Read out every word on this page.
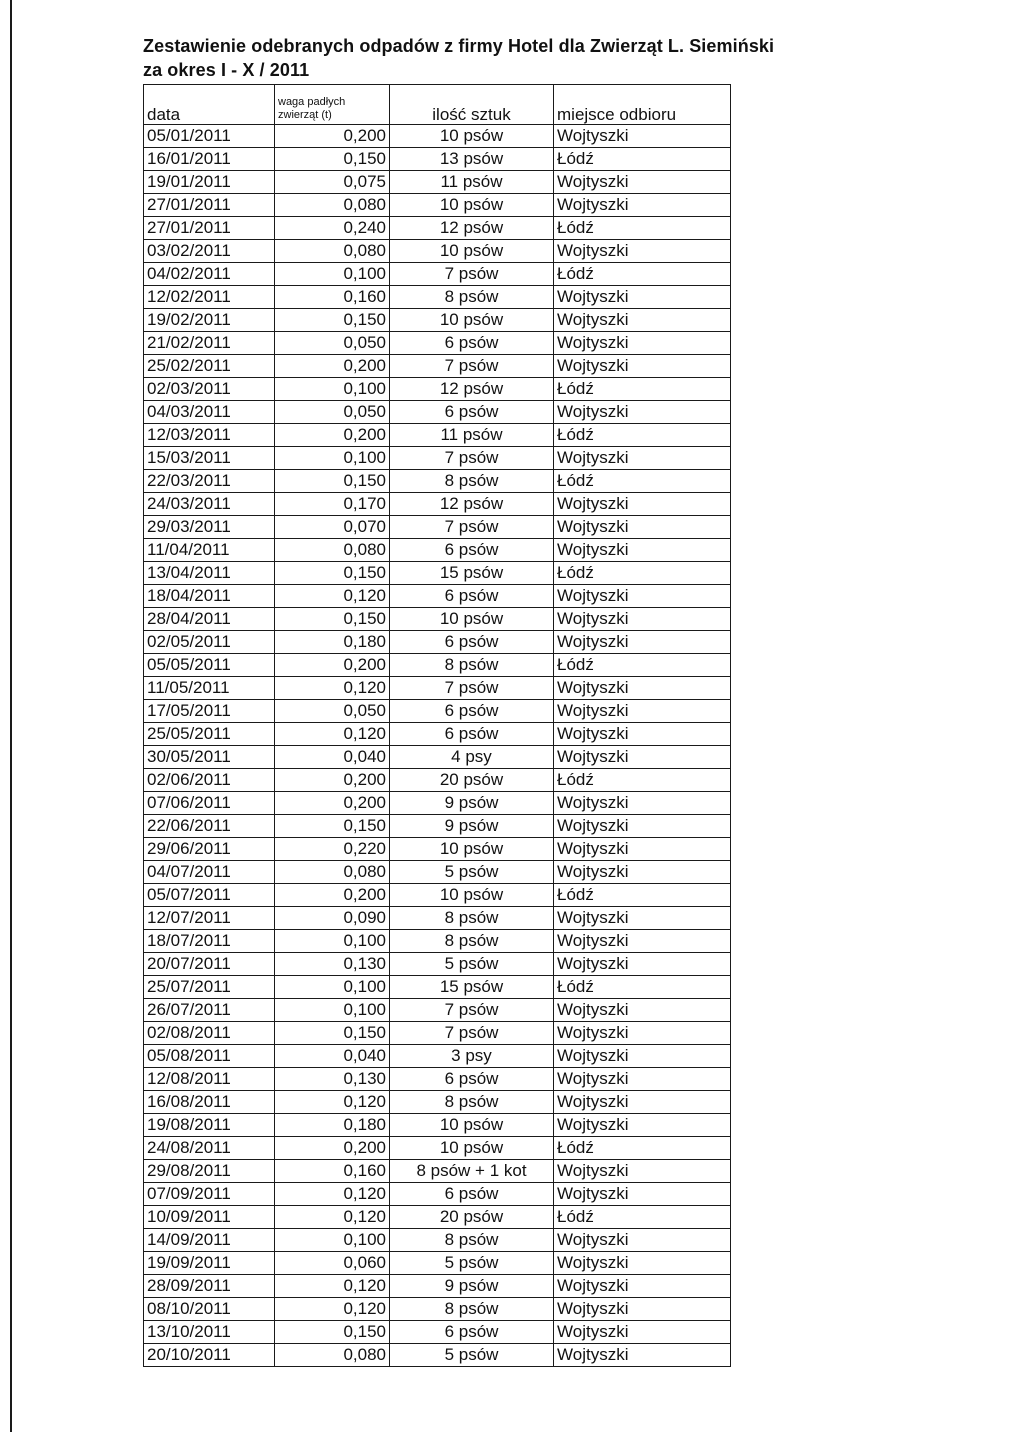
Zestawienie odebranych odpadów z firmy Hotel dla Zwierząt L. Siemiński
za okres I - X / 2011
data	waga padłych zwierząt (t)	ilość sztuk	miejsce odbioru
05/01/2011	0,200	10 psów	Wojtyszki
16/01/2011	0,150	13 psów	Łódź
19/01/2011	0,075	11 psów	Wojtyszki
27/01/2011	0,080	10 psów	Wojtyszki
27/01/2011	0,240	12 psów	Łódź
03/02/2011	0,080	10 psów	Wojtyszki
04/02/2011	0,100	7 psów	Łódź
12/02/2011	0,160	8 psów	Wojtyszki
19/02/2011	0,150	10 psów	Wojtyszki
21/02/2011	0,050	6 psów	Wojtyszki
25/02/2011	0,200	7 psów	Wojtyszki
02/03/2011	0,100	12 psów	Łódź
04/03/2011	0,050	6 psów	Wojtyszki
12/03/2011	0,200	11 psów	Łódź
15/03/2011	0,100	7 psów	Wojtyszki
22/03/2011	0,150	8 psów	Łódź
24/03/2011	0,170	12 psów	Wojtyszki
29/03/2011	0,070	7 psów	Wojtyszki
11/04/2011	0,080	6 psów	Wojtyszki
13/04/2011	0,150	15 psów	Łódź
18/04/2011	0,120	6 psów	Wojtyszki
28/04/2011	0,150	10 psów	Wojtyszki
02/05/2011	0,180	6 psów	Wojtyszki
05/05/2011	0,200	8 psów	Łódź
11/05/2011	0,120	7 psów	Wojtyszki
17/05/2011	0,050	6 psów	Wojtyszki
25/05/2011	0,120	6 psów	Wojtyszki
30/05/2011	0,040	4 psy	Wojtyszki
02/06/2011	0,200	20 psów	Łódź
07/06/2011	0,200	9 psów	Wojtyszki
22/06/2011	0,150	9 psów	Wojtyszki
29/06/2011	0,220	10 psów	Wojtyszki
04/07/2011	0,080	5 psów	Wojtyszki
05/07/2011	0,200	10 psów	Łódź
12/07/2011	0,090	8 psów	Wojtyszki
18/07/2011	0,100	8 psów	Wojtyszki
20/07/2011	0,130	5 psów	Wojtyszki
25/07/2011	0,100	15 psów	Łódź
26/07/2011	0,100	7 psów	Wojtyszki
02/08/2011	0,150	7 psów	Wojtyszki
05/08/2011	0,040	3 psy	Wojtyszki
12/08/2011	0,130	6 psów	Wojtyszki
16/08/2011	0,120	8 psów	Wojtyszki
19/08/2011	0,180	10 psów	Wojtyszki
24/08/2011	0,200	10 psów	Łódź
29/08/2011	0,160	8 psów + 1 kot	Wojtyszki
07/09/2011	0,120	6 psów	Wojtyszki
10/09/2011	0,120	20 psów	Łódź
14/09/2011	0,100	8 psów	Wojtyszki
19/09/2011	0,060	5 psów	Wojtyszki
28/09/2011	0,120	9 psów	Wojtyszki
08/10/2011	0,120	8 psów	Wojtyszki
13/10/2011	0,150	6 psów	Wojtyszki
20/10/2011	0,080	5 psów	Wojtyszki
